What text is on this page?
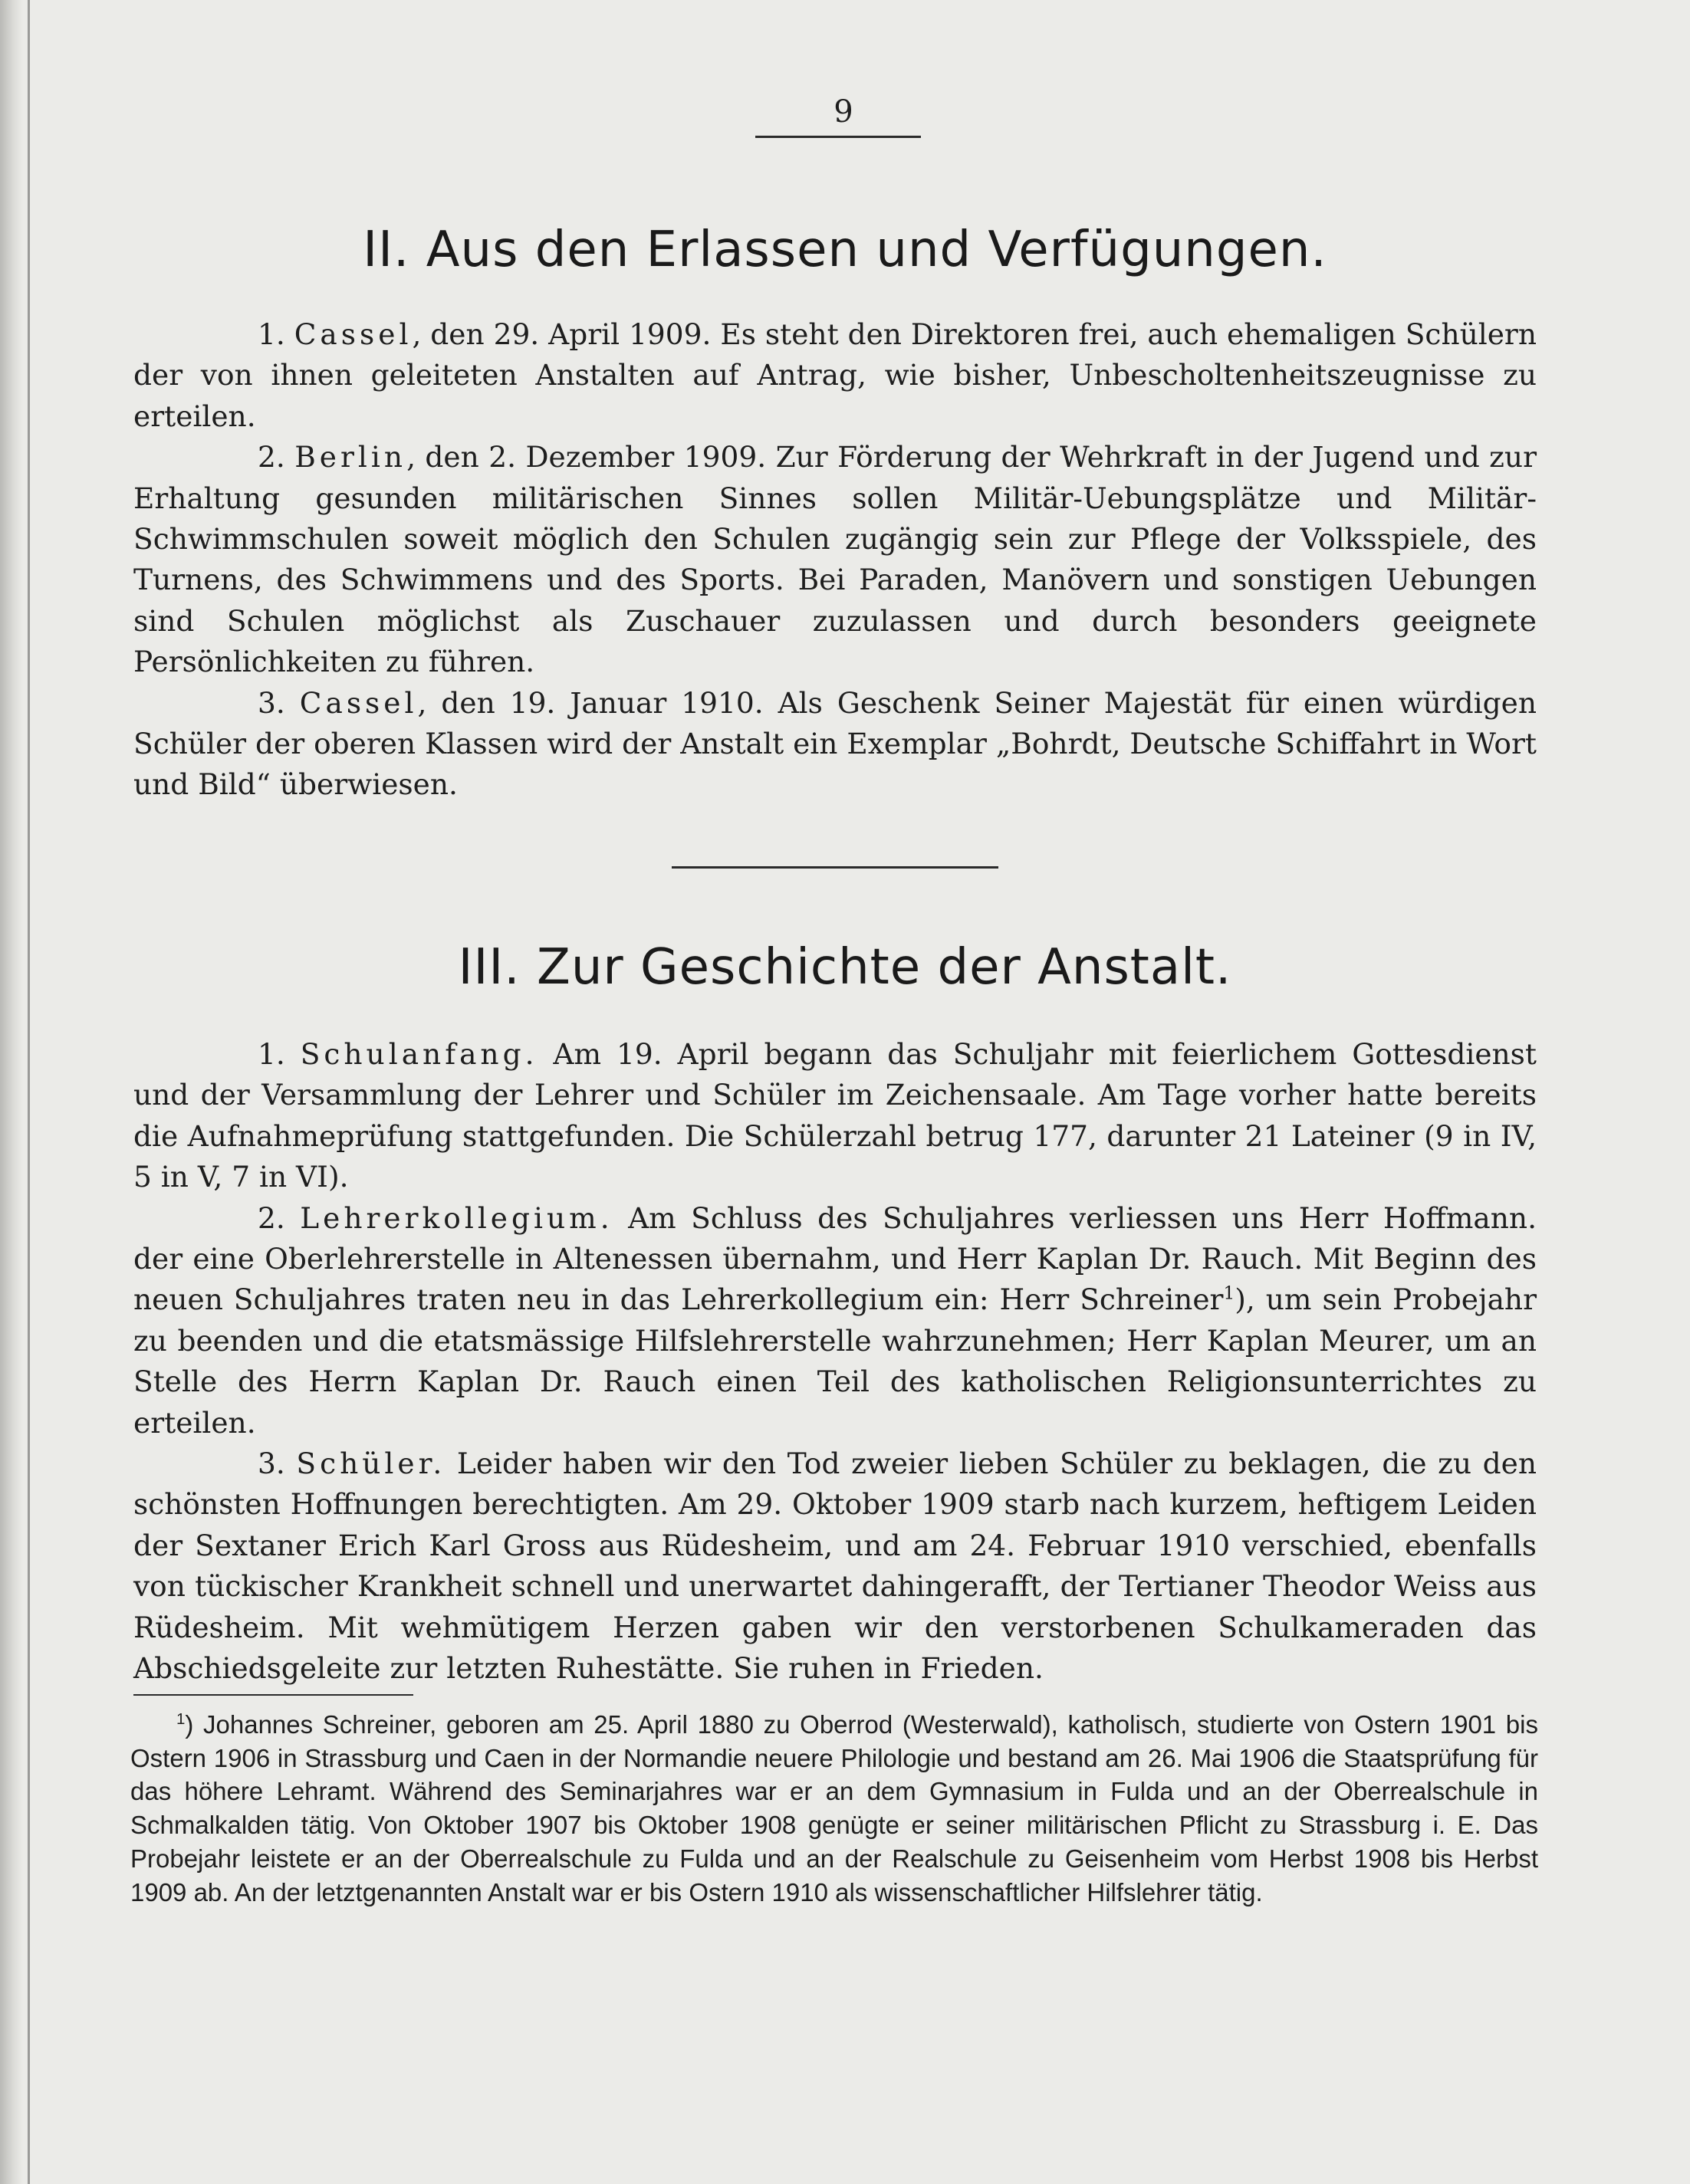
9
II. Aus den Erlassen und Verfügungen.

1. Cassel, den 29. April 1909. Es steht den Direktoren frei, auch ehemaligen Schülern der von ihnen geleiteten Anstalten auf Antrag, wie bisher, Unbescholtenheitszeugnisse zu erteilen.

2. Berlin, den 2. Dezember 1909. Zur Förderung der Wehrkraft in der Jugend und zur Erhaltung gesunden militärischen Sinnes sollen Militär-Uebungsplätze und Militär-Schwimmschulen soweit möglich den Schulen zugängig sein zur Pflege der Volksspiele, des Turnens, des Schwimmens und des Sports. Bei Paraden, Manövern und sonstigen Uebungen sind Schulen möglichst als Zuschauer zuzulassen und durch besonders geeignete Persönlichkeiten zu führen.

3. Cassel, den 19. Januar 1910. Als Geschenk Seiner Majestät für einen würdigen Schüler der oberen Klassen wird der Anstalt ein Exemplar „Bohrdt, Deutsche Schiffahrt in Wort und Bild“ überwiesen.

III. Zur Geschichte der Anstalt.

1. Schulanfang. Am 19. April begann das Schuljahr mit feierlichem Gottesdienst und der Versammlung der Lehrer und Schüler im Zeichensaale. Am Tage vorher hatte bereits die Aufnahmeprüfung stattgefunden. Die Schülerzahl betrug 177, darunter 21 Lateiner (9 in IV, 5 in V, 7 in VI).

2. Lehrerkollegium. Am Schluss des Schuljahres verliessen uns Herr Hoffmann. der eine Oberlehrerstelle in Altenessen übernahm, und Herr Kaplan Dr. Rauch. Mit Beginn des neuen Schuljahres traten neu in das Lehrerkollegium ein: Herr Schreiner$^1$), um sein Probejahr zu beenden und die etatsmässige Hilfslehrerstelle wahrzunehmen; Herr Kaplan Meurer, um an Stelle des Herrn Kaplan Dr. Rauch einen Teil des katholischen Religionsunterrichtes zu erteilen.

3. Schüler. Leider haben wir den Tod zweier lieben Schüler zu beklagen, die zu den schönsten Hoffnungen berechtigten. Am 29. Oktober 1909 starb nach kurzem, heftigem Leiden der Sextaner Erich Karl Gross aus Rüdesheim, und am 24. Februar 1910 verschied, ebenfalls von tückischer Krankheit schnell und unerwartet dahingerafft, der Tertianer Theodor Weiss aus Rüdesheim. Mit wehmütigem Herzen gaben wir den verstorbenen Schulkameraden das Abschiedsgeleite zur letzten Ruhestätte. Sie ruhen in Frieden.

$^1$) Johannes Schreiner, geboren am 25. April 1880 zu Oberrod (Westerwald), katholisch, studierte von Ostern 1901 bis Ostern 1906 in Strassburg und Caen in der Normandie neuere Philologie und bestand am 26. Mai 1906 die Staatsprüfung für das höhere Lehramt. Während des Seminarjahres war er an dem Gymnasium in Fulda und an der Oberrealschule in Schmalkalden tätig. Von Oktober 1907 bis Oktober 1908 genügte er seiner militärischen Pflicht zu Strassburg i. E. Das Probejahr leistete er an der Oberrealschule zu Fulda und an der Realschule zu Geisenheim vom Herbst 1908 bis Herbst 1909 ab. An der letztgenannten Anstalt war er bis Ostern 1910 als wissenschaftlicher Hilfslehrer tätig.
